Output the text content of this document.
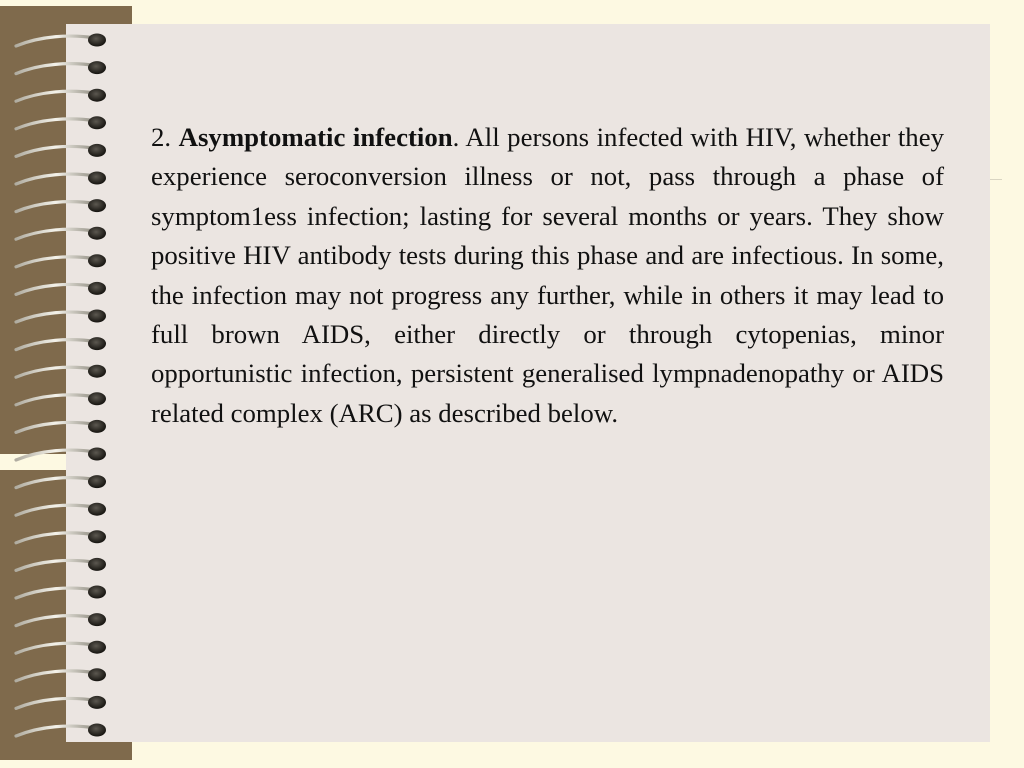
2. Asymptomatic infection. All persons infected with HIV, whether they experience seroconversion illness or not, pass through a phase of symptom1ess infection; lasting for several months or years. They show positive HIV antibody tests during this phase and are infectious. In some, the infection may not progress any further, while in others it may lead to full brown AIDS, either directly or through cytopenias, minor opportunistic infection, persistent generalised lympnadenopathy or AIDS related complex (ARC) as described below.
